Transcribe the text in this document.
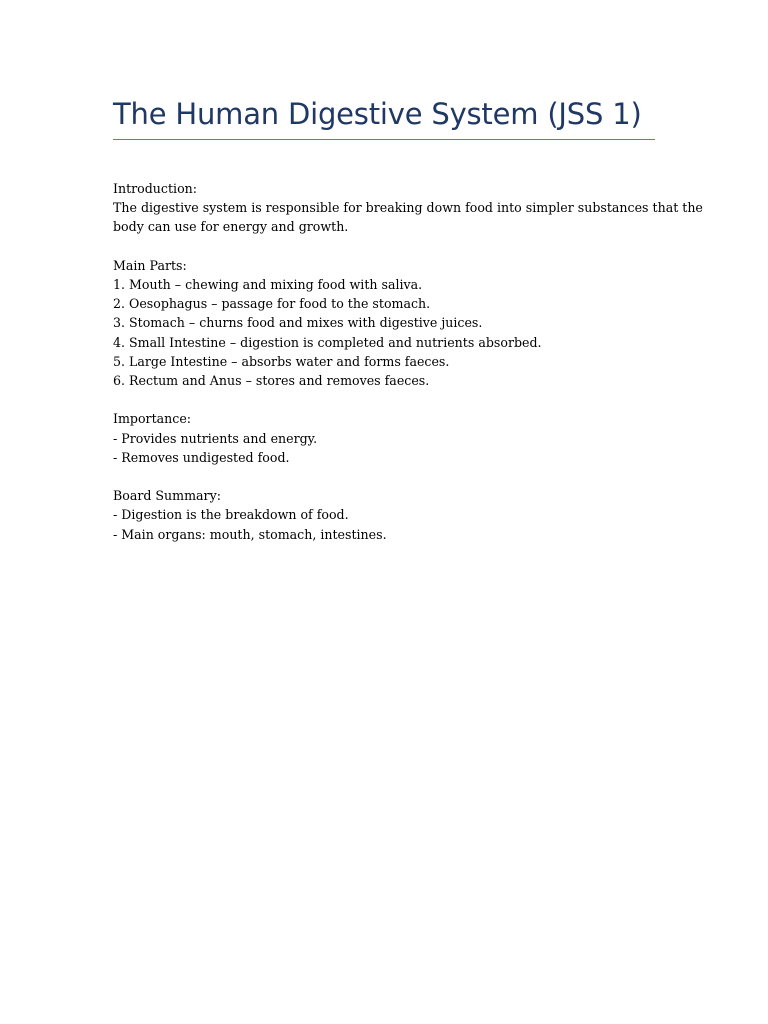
The Human Digestive System (JSS 1)
Introduction:
The digestive system is responsible for breaking down food into simpler substances that the
body can use for energy and growth.
Main Parts:
1. Mouth – chewing and mixing food with saliva.
2. Oesophagus – passage for food to the stomach.
3. Stomach – churns food and mixes with digestive juices.
4. Small Intestine – digestion is completed and nutrients absorbed.
5. Large Intestine – absorbs water and forms faeces.
6. Rectum and Anus – stores and removes faeces.
Importance:
- Provides nutrients and energy.
- Removes undigested food.
Board Summary:
- Digestion is the breakdown of food.
- Main organs: mouth, stomach, intestines.
